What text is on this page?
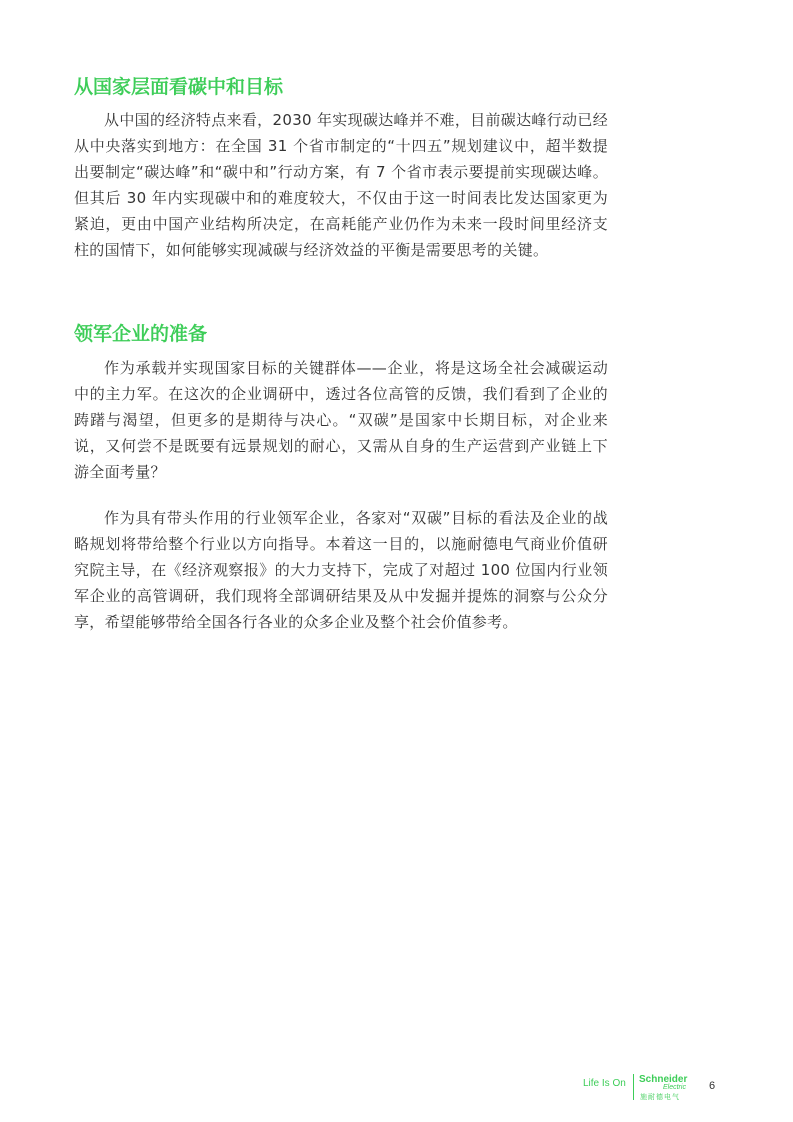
从国家层面看碳中和目标

从中国的经济特点来看，2030 年实现碳达峰并不难，目前碳达峰行动已经从中央落实到地方：在全国 31 个省市制定的“十四五”规划建议中，超半数提出要制定“碳达峰”和“碳中和”行动方案，有 7 个省市表示要提前实现碳达峰。但其后 30 年内实现碳中和的难度较大，不仅由于这一时间表比发达国家更为紧迫，更由中国产业结构所决定，在高耗能产业仍作为未来一段时间里经济支柱的国情下，如何能够实现减碳与经济效益的平衡是需要思考的关键。

领军企业的准备

作为承载并实现国家目标的关键群体——企业，将是这场全社会减碳运动中的主力军。在这次的企业调研中，透过各位高管的反馈，我们看到了企业的踌躇与渴望，但更多的是期待与决心。“双碳”是国家中长期目标，对企业来说，又何尝不是既要有远景规划的耐心，又需从自身的生产运营到产业链上下游全面考量？

作为具有带头作用的行业领军企业，各家对“双碳”目标的看法及企业的战略规划将带给整个行业以方向指导。本着这一目的，以施耐德电气商业价值研究院主导，在《经济观察报》的大力支持下，完成了对超过 100 位国内行业领军企业的高管调研，我们现将全部调研结果及从中发掘并提炼的洞察与公众分享，希望能够带给全国各行各业的众多企业及整个社会价值参考。

Life Is On Schneider
Electric
施耐德电气
6
